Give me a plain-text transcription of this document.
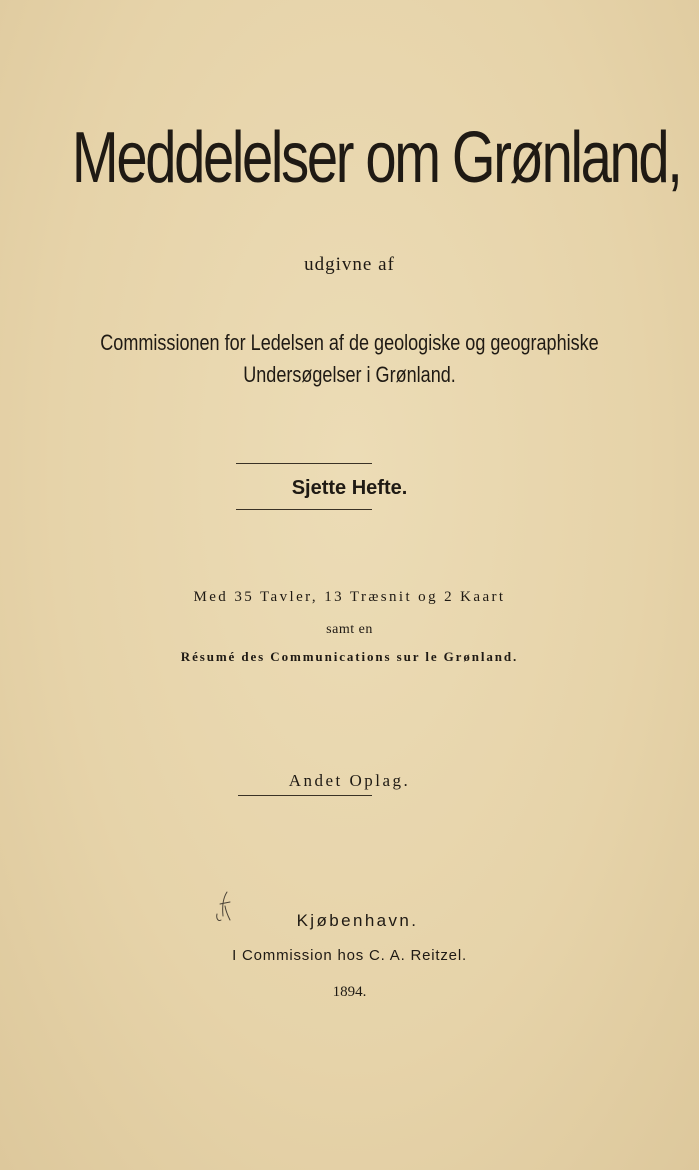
Meddelelser om Grønland,
udgivne af
Commissionen for Ledelsen af de geologiske og geographiske
Undersøgelser i Grønland.
Sjette Hefte.
Med 35 Tavler, 13 Træsnit og 2 Kaart
samt en
Résumé des Communications sur le Grønland.
Andet Oplag.
Kjøbenhavn.
I Commission hos C. A. Reitzel.
1894.
